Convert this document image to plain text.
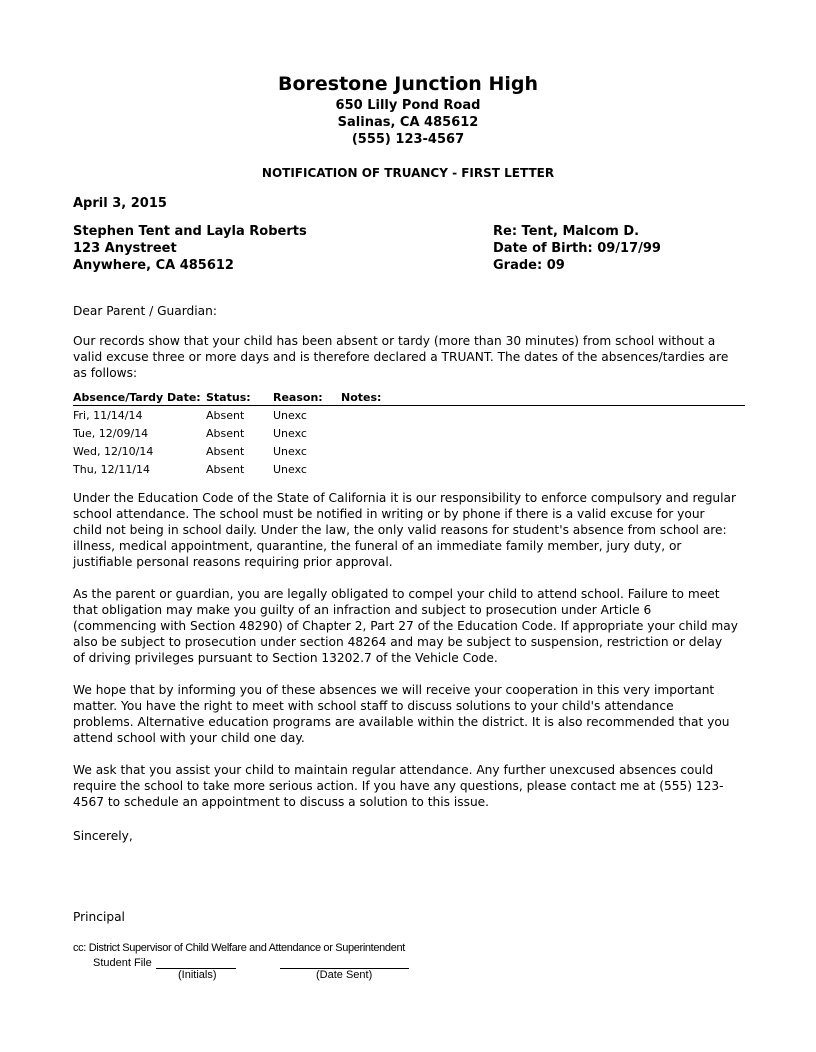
Borestone Junction High
650 Lilly Pond Road
Salinas, CA 485612
(555) 123-4567
NOTIFICATION OF TRUANCY - FIRST LETTER
April 3, 2015
Stephen Tent and Layla Roberts
123 Anystreet
Anywhere, CA 485612
Re: Tent, Malcom D.
Date of Birth: 09/17/99
Grade: 09
Dear Parent / Guardian:
Our records show that your child has been absent or tardy (more than 30 minutes) from school without a
valid excuse three or more days and is therefore declared a TRUANT. The dates of the absences/tardies are
as follows:
Absence/Tardy Date: Status: Reason: Notes:
Fri, 11/14/14	Absent	Unexc
Tue, 12/09/14	Absent	Unexc
Wed, 12/10/14	Absent	Unexc
Thu, 12/11/14	Absent	Unexc
Under the Education Code of the State of California it is our responsibility to enforce compulsory and regular
school attendance. The school must be notified in writing or by phone if there is a valid excuse for your
child not being in school daily. Under the law, the only valid reasons for student's absence from school are:
illness, medical appointment, quarantine, the funeral of an immediate family member, jury duty, or
justifiable personal reasons requiring prior approval.
As the parent or guardian, you are legally obligated to compel your child to attend school. Failure to meet
that obligation may make you guilty of an infraction and subject to prosecution under Article 6
(commencing with Section 48290) of Chapter 2, Part 27 of the Education Code. If appropriate your child may
also be subject to prosecution under section 48264 and may be subject to suspension, restriction or delay
of driving privileges pursuant to Section 13202.7 of the Vehicle Code.
We hope that by informing you of these absences we will receive your cooperation in this very important
matter. You have the right to meet with school staff to discuss solutions to your child's attendance
problems. Alternative education programs are available within the district. It is also recommended that you
attend school with your child one day.
We ask that you assist your child to maintain regular attendance. Any further unexcused absences could
require the school to take more serious action. If you have any questions, please contact me at (555) 123-
4567 to schedule an appointment to discuss a solution to this issue.
Sincerely,
Principal
cc: District Supervisor of Child Welfare and Attendance or Superintendent
Student File
(Initials)	(Date Sent)
